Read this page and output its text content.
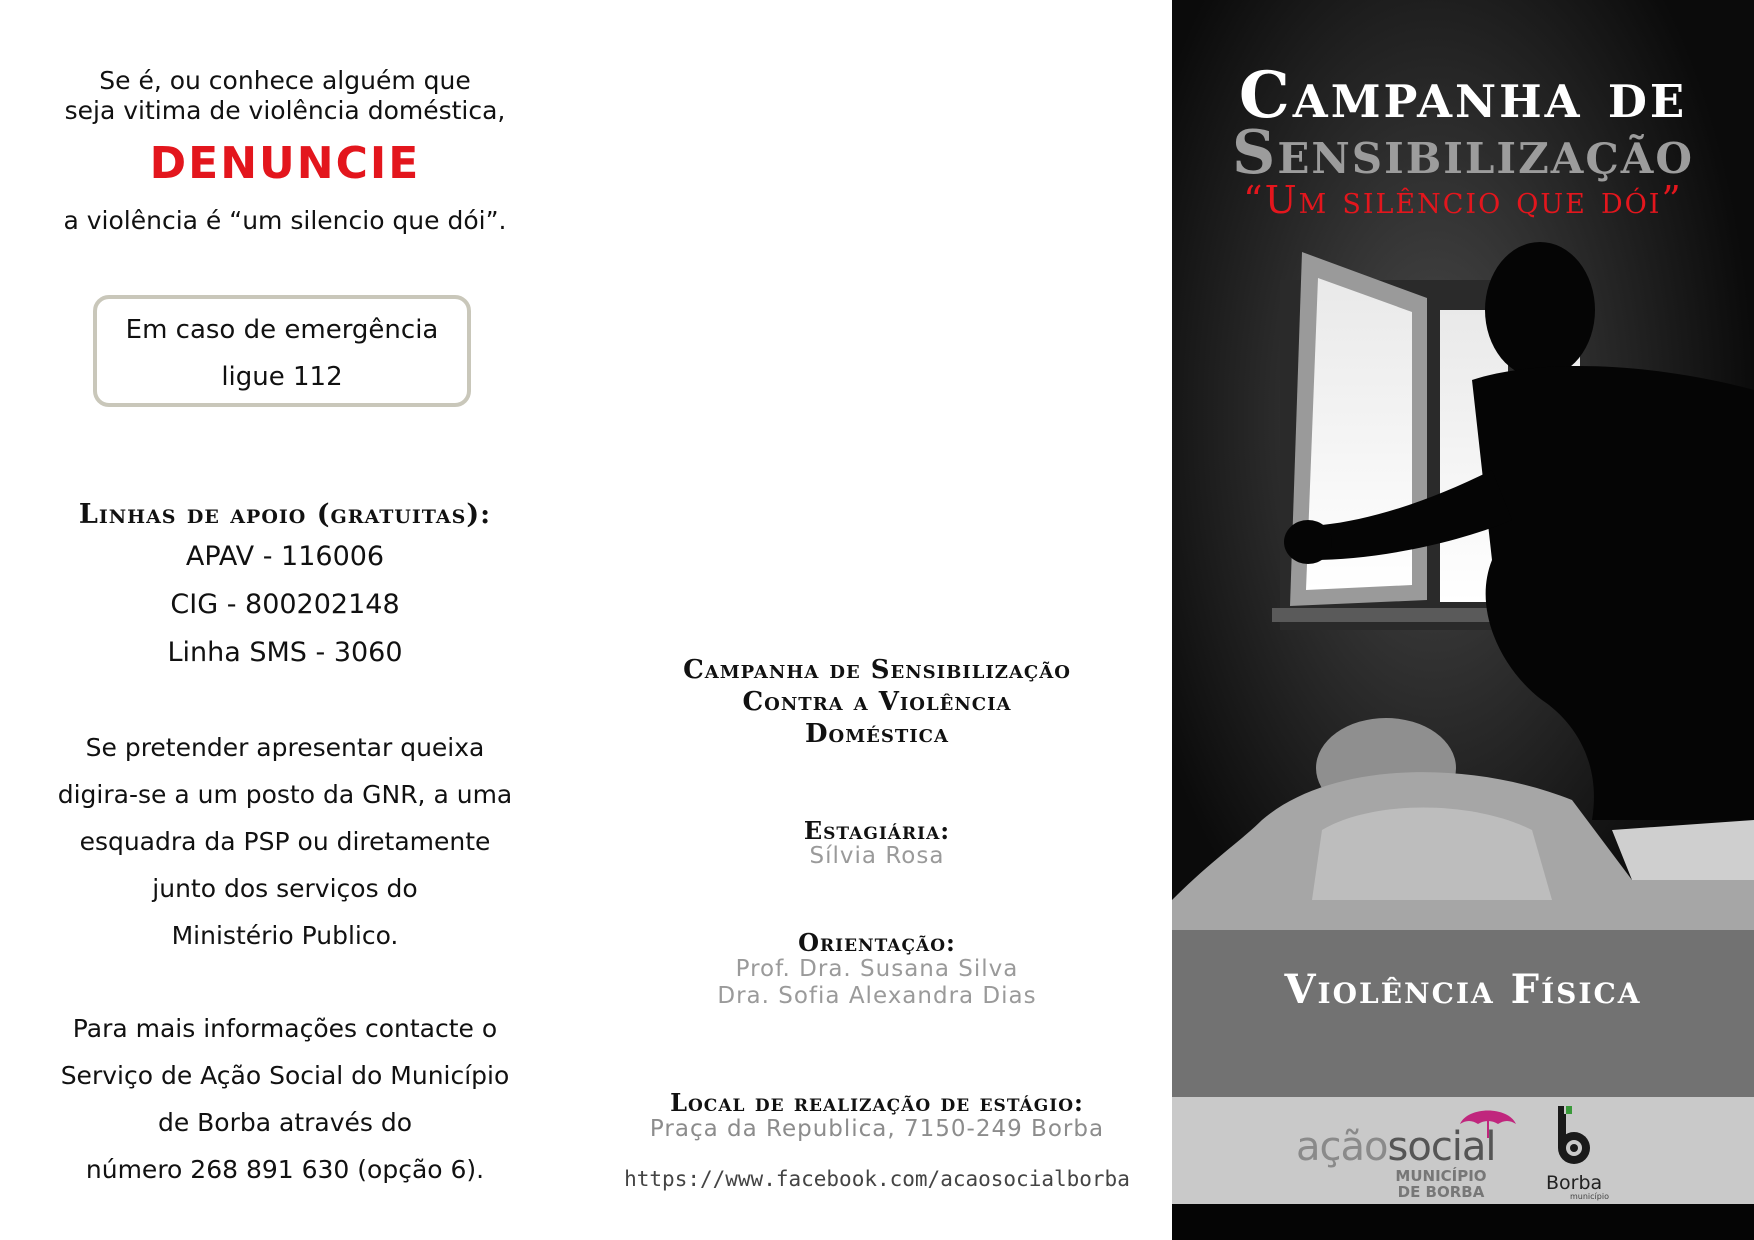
Se é, ou conhece alguém que
seja vitima de violência doméstica,
DENUNCIE
a violência é “um silencio que dói”.
Em caso de emergência
ligue 112
Linhas de apoio (gratuitas):
APAV - 116006
CIG - 800202148
Linha SMS - 3060
Se pretender apresentar queixa
digira-se a um posto da GNR, a uma
esquadra da PSP ou diretamente
junto dos serviços do
Ministério Publico.
Para mais informações contacte o
Serviço de Ação Social do Município
de Borba através do
número 268 891 630 (opção 6).
Campanha de Sensibilização
Contra a Violência
Doméstica
Estagiária:
Sílvia Rosa
Orientação:
Prof. Dra. Susana Silva
Dra. Sofia Alexandra Dias
Local de realização de estágio:
Praça da Republica, 7150-249 Borba
https://www.facebook.com/acaosocialborba
Campanha de
Sensibilização
“Um silêncio que dói”
Violência Física
açãosocial
MUNICÍPIO
DE BORBA	Borba
município
